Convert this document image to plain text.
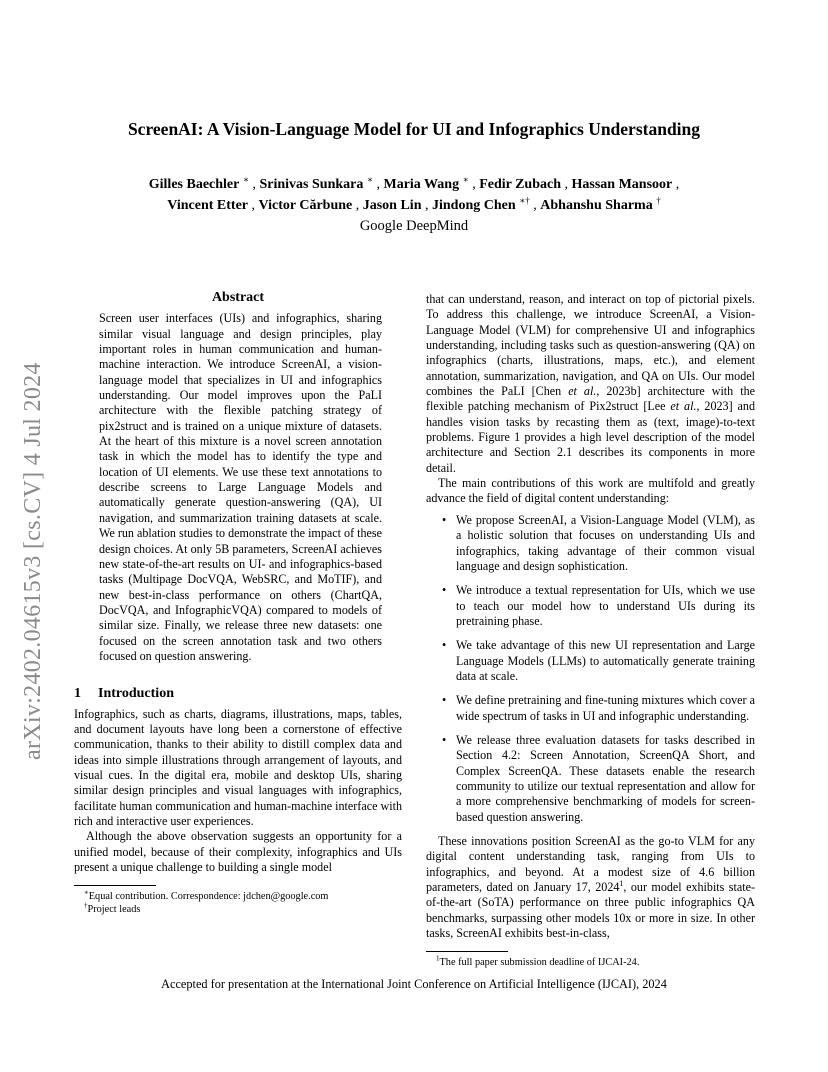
ScreenAI: A Vision-Language Model for UI and Infographics Understanding
Gilles Baechler ∗ , Srinivas Sunkara ∗ , Maria Wang ∗ , Fedir Zubach , Hassan Mansoor ,
Vincent Etter , Victor Cărbune , Jason Lin , Jindong Chen ∗† , Abhanshu Sharma †
Google DeepMind
arXiv:2402.04615v3 [cs.CV] 4 Jul 2024
Abstract

Screen user interfaces (UIs) and infographics, sharing similar visual language and design principles, play important roles in human communication and human-machine interaction. We introduce ScreenAI, a vision-language model that specializes in UI and infographics understanding. Our model improves upon the PaLI architecture with the flexible patching strategy of pix2struct and is trained on a unique mixture of datasets. At the heart of this mixture is a novel screen annotation task in which the model has to identify the type and location of UI elements. We use these text annotations to describe screens to Large Language Models and automatically generate question-answering (QA), UI navigation, and summarization training datasets at scale. We run ablation studies to demonstrate the impact of these design choices. At only 5B parameters, ScreenAI achieves new state-of-the-art results on UI- and infographics-based tasks (Multipage DocVQA, WebSRC, and MoTIF), and new best-in-class performance on others (ChartQA, DocVQA, and InfographicVQA) compared to models of similar size. Finally, we release three new datasets: one focused on the screen annotation task and two others focused on question answering.

1 Introduction

Infographics, such as charts, diagrams, illustrations, maps, tables, and document layouts have long been a cornerstone of effective communication, thanks to their ability to distill complex data and ideas into simple illustrations through arrangement of layouts, and visual cues. In the digital era, mobile and desktop UIs, sharing similar design principles and visual languages with infographics, facilitate human communication and human-machine interface with rich and interactive user experiences.

Although the above observation suggests an opportunity for a unified model, because of their complexity, infographics and UIs present a unique challenge to building a single model

∗Equal contribution. Correspondence: jdchen@google.com
†Project leads

that can understand, reason, and interact on top of pictorial pixels. To address this challenge, we introduce ScreenAI, a Vision-Language Model (VLM) for comprehensive UI and infographics understanding, including tasks such as question-answering (QA) on infographics (charts, illustrations, maps, etc.), and element annotation, summarization, navigation, and QA on UIs. Our model combines the PaLI [Chen et al., 2023b] architecture with the flexible patching mechanism of Pix2struct [Lee et al., 2023] and handles vision tasks by recasting them as (text, image)-to-text problems. Figure 1 provides a high level description of the model architecture and Section 2.1 describes its components in more detail.

The main contributions of this work are multifold and greatly advance the field of digital content understanding:

• We propose ScreenAI, a Vision-Language Model (VLM), as a holistic solution that focuses on understanding UIs and infographics, taking advantage of their common visual language and design sophistication.
• We introduce a textual representation for UIs, which we use to teach our model how to understand UIs during its pretraining phase.
• We take advantage of this new UI representation and Large Language Models (LLMs) to automatically generate training data at scale.
• We define pretraining and fine-tuning mixtures which cover a wide spectrum of tasks in UI and infographic understanding.
• We release three evaluation datasets for tasks described in Section 4.2: Screen Annotation, ScreenQA Short, and Complex ScreenQA. These datasets enable the research community to utilize our textual representation and allow for a more comprehensive benchmarking of models for screen-based question answering.

These innovations position ScreenAI as the go-to VLM for any digital content understanding task, ranging from UIs to infographics, and beyond. At a modest size of 4.6 billion parameters, dated on January 17, 2024$^1$, our model exhibits state-of-the-art (SoTA) performance on three public infographics QA benchmarks, surpassing other models 10x or more in size. In other tasks, ScreenAI exhibits best-in-class,

$^1$The full paper submission deadline of IJCAI-24.
Accepted for presentation at the International Joint Conference on Artificial Intelligence (IJCAI), 2024
